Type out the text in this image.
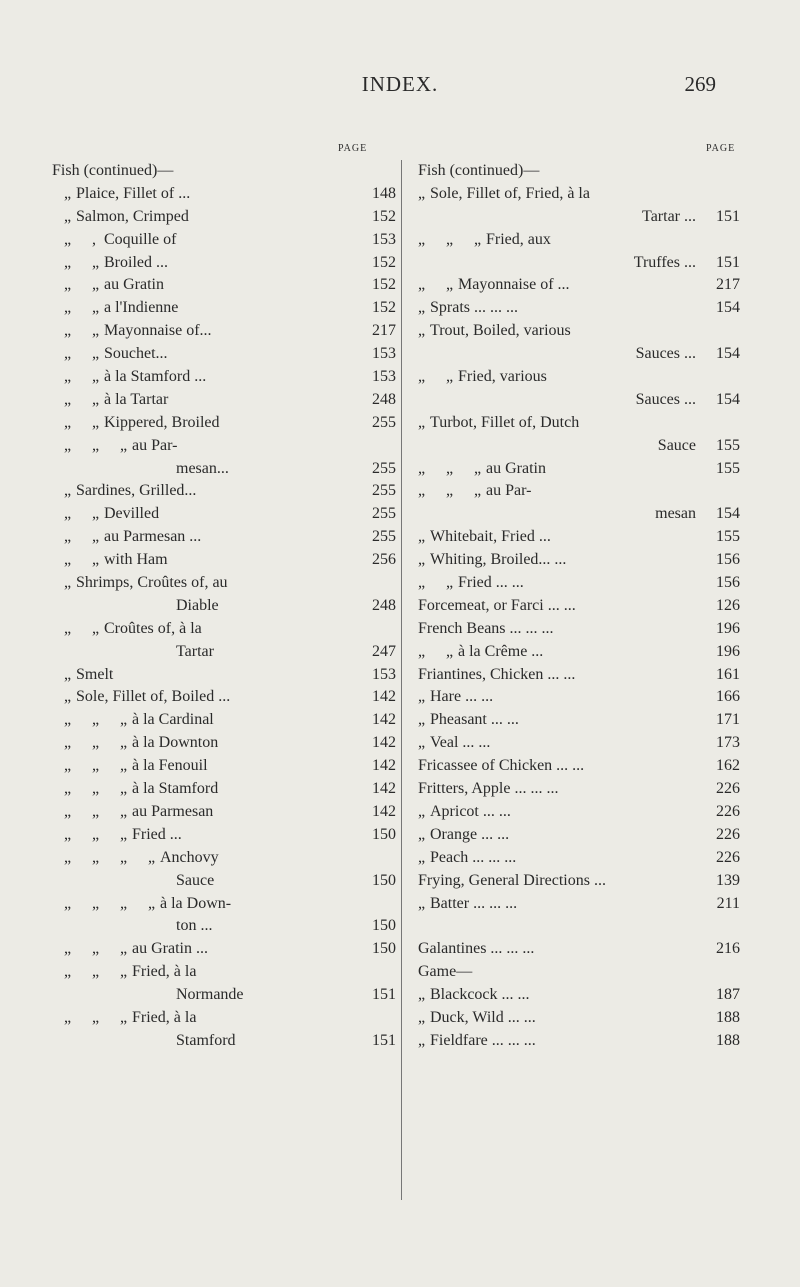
INDEX.	269
PAGE	PAGE
Fish (continued)—
„ Plaice, Fillet of ...	148
„ Salmon, Crimped	152
„ , Coquille of	153
„ „ Broiled ...	152
„ „ au Gratin	152
„ „ a l'Indienne	152
„ „ Mayonnaise of...	217
„ „ Souchet...	153
„ „ à la Stamford ...	153
„ „ à la Tartar	248
„ „ Kippered, Broiled	255
„ „ „ au Par-
mesan...	255
„ Sardines, Grilled...	255
„ „ Devilled	255
„ „ au Parmesan ...	255
„ „ with Ham	256
„ Shrimps, Croûtes of, au
Diable	248
„ „ Croûtes of, à la
Tartar	247
„ Smelt	153
„ Sole, Fillet of, Boiled ...	142
„ „ „ à la Cardinal	142
„ „ „ à la Downton	142
„ „ „ à la Fenouil	142
„ „ „ à la Stamford	142
„ „ „ au Parmesan	142
„ „ „ Fried ...	150
„ „ „ „ Anchovy
Sauce	150
„ „ „ „ à la Down-
ton ...	150
„ „ „ au Gratin ...	150
„ „ „ Fried, à la
Normande	151
„ „ „ Fried, à la
Stamford	151
Fish (continued)—
„ Sole, Fillet of, Fried, à la
Tartar ... 151
„ „ „ Fried, aux
Truffes ... 151
„ „ Mayonnaise of ...	217
„ Sprats ... ... ...	154
„ Trout, Boiled, various
Sauces ... 154
„ „ Fried, various
Sauces ... 154
„ Turbot, Fillet of, Dutch
Sauce 155
„ „ „ au Gratin	155
„ „ „ au Par-
mesan 154
„ Whitebait, Fried ...	155
„ Whiting, Broiled... ...	156
„ „ Fried ... ...	156
Forcemeat, or Farci ... ...	126
French Beans ... ... ...	196
„ „ à la Crême ...	196
Friantines, Chicken ... ...	161
„ Hare ... ...	166
„ Pheasant ... ...	171
„ Veal ... ...	173
Fricassee of Chicken ... ...	162
Fritters, Apple ... ... ...	226
„ Apricot ... ...	226
„ Orange ... ...	226
„ Peach ... ... ...	226
Frying, General Directions ...	139
„ Batter ... ... ...	211
Galantines ... ... ...	216
Game—
„ Blackcock ... ...	187
„ Duck, Wild ... ...	188
„ Fieldfare ... ... ...	188
